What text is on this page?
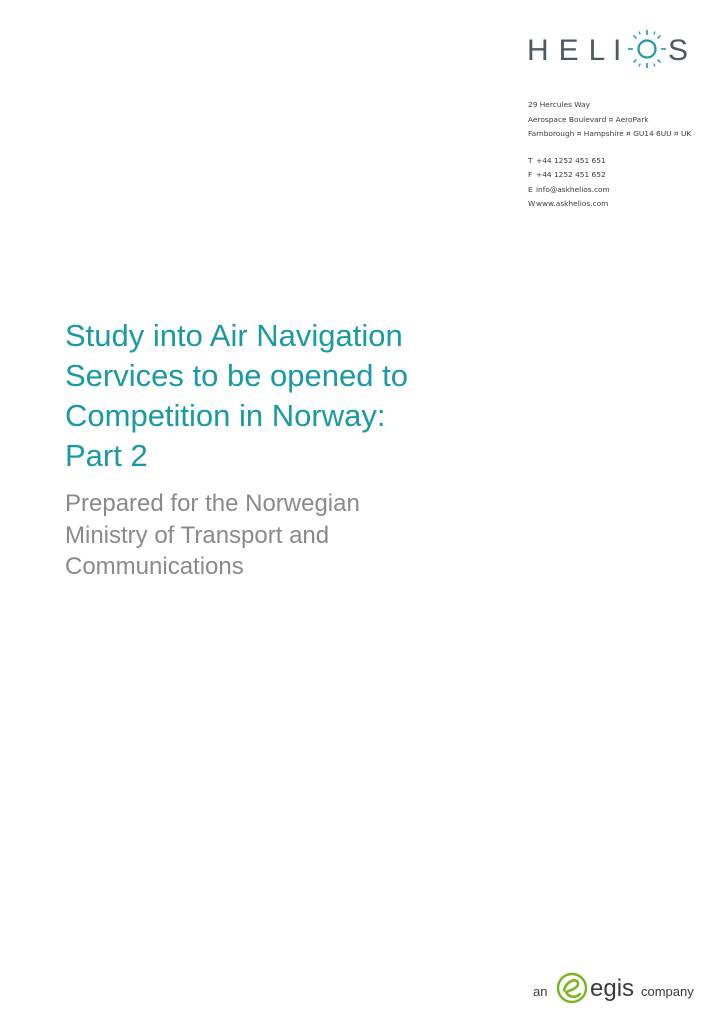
HEL
I S
29 Hercules Way
Aerospace Boulevard ¤ AeroPark
Farnborough ¤ Hampshire ¤ GU14 6UU ¤ UK
T +44 1252 451 651
F +44 1252 451 652
E info@askhelios.com
Wwww.askhelios.com
Study into Air Navigation
Services to be opened to
Competition in Norway:
Part 2
Prepared for the Norwegian
Ministry of Transport and
Communications
an egis company
